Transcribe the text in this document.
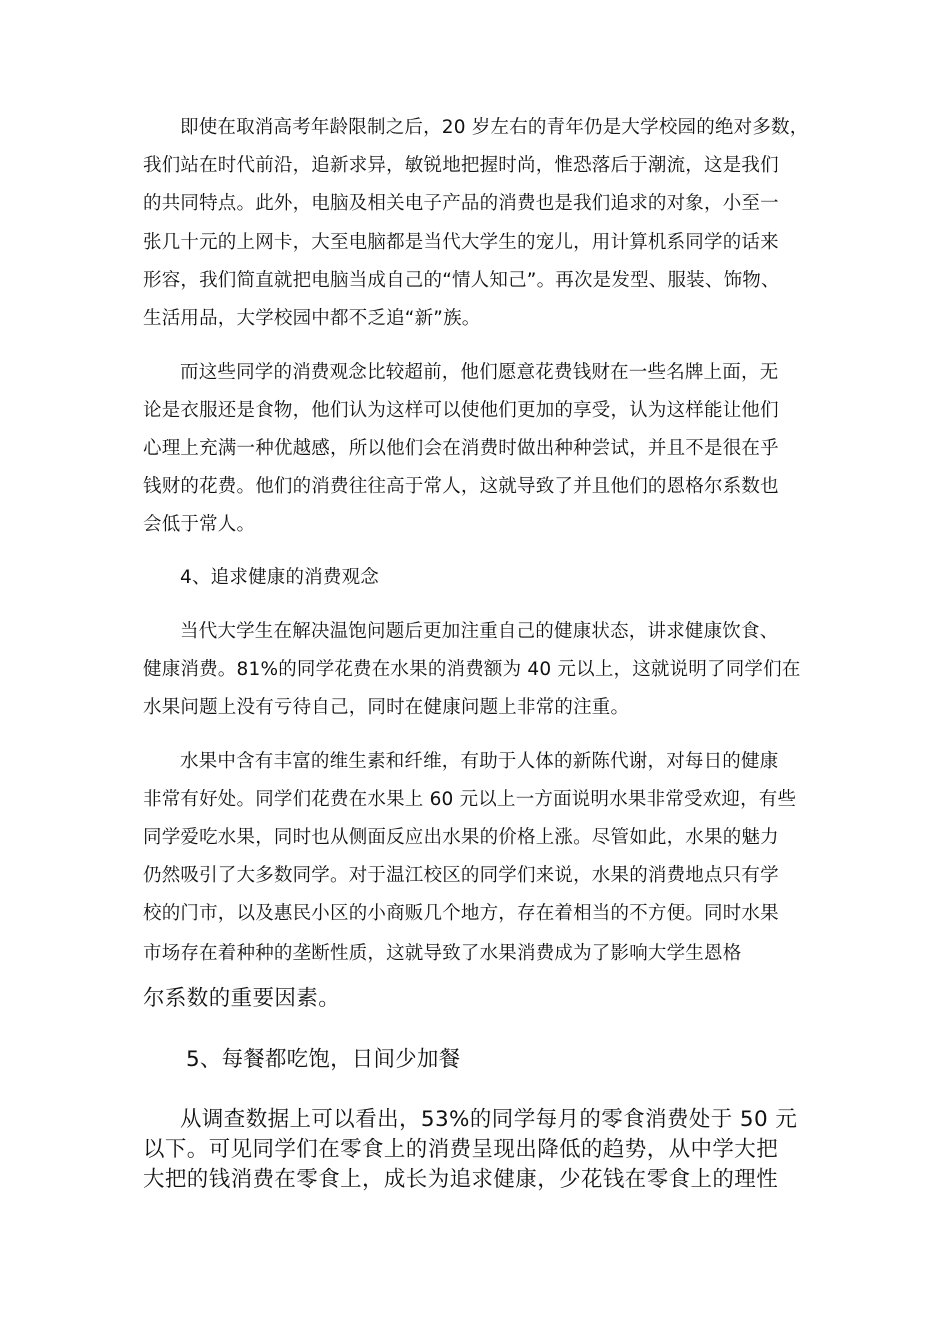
即使在取消高考年龄限制之后，20 岁左右的青年仍是大学校园的绝对多数，
我们站在时代前沿，追新求异，敏锐地把握时尚，惟恐落后于潮流，这是我们
的共同特点。此外，电脑及相关电子产品的消费也是我们追求的对象，小至一
张几十元的上网卡，大至电脑都是当代大学生的宠儿，用计算机系同学的话来
形容，我们简直就把电脑当成自己的“情人知己”。再次是发型、服装、饰物、
生活用品，大学校园中都不乏追“新”族。
而这些同学的消费观念比较超前，他们愿意花费钱财在一些名牌上面，无
论是衣服还是食物，他们认为这样可以使他们更加的享受，认为这样能让他们
心理上充满一种优越感，所以他们会在消费时做出种种尝试，并且不是很在乎
钱财的花费。他们的消费往往高于常人，这就导致了并且他们的恩格尔系数也
会低于常人。
4、追求健康的消费观念
当代大学生在解决温饱问题后更加注重自己的健康状态，讲求健康饮食、
健康消费。81%的同学花费在水果的消费额为 40 元以上，这就说明了同学们在
水果问题上没有亏待自己，同时在健康问题上非常的注重。
水果中含有丰富的维生素和纤维，有助于人体的新陈代谢，对每日的健康
非常有好处。同学们花费在水果上 60 元以上一方面说明水果非常受欢迎，有些
同学爱吃水果，同时也从侧面反应出水果的价格上涨。尽管如此，水果的魅力
仍然吸引了大多数同学。对于温江校区的同学们来说，水果的消费地点只有学
校的门市，以及惠民小区的小商贩几个地方，存在着相当的不方便。同时水果
市场存在着种种的垄断性质，这就导致了水果消费成为了影响大学生恩格
尔系数的重要因素。
5、每餐都吃饱，日间少加餐
从调查数据上可以看出，53%的同学每月的零食消费处于 50 元
以下。可见同学们在零食上的消费呈现出降低的趋势，从中学大把
大把的钱消费在零食上，成长为追求健康，少花钱在零食上的理性
